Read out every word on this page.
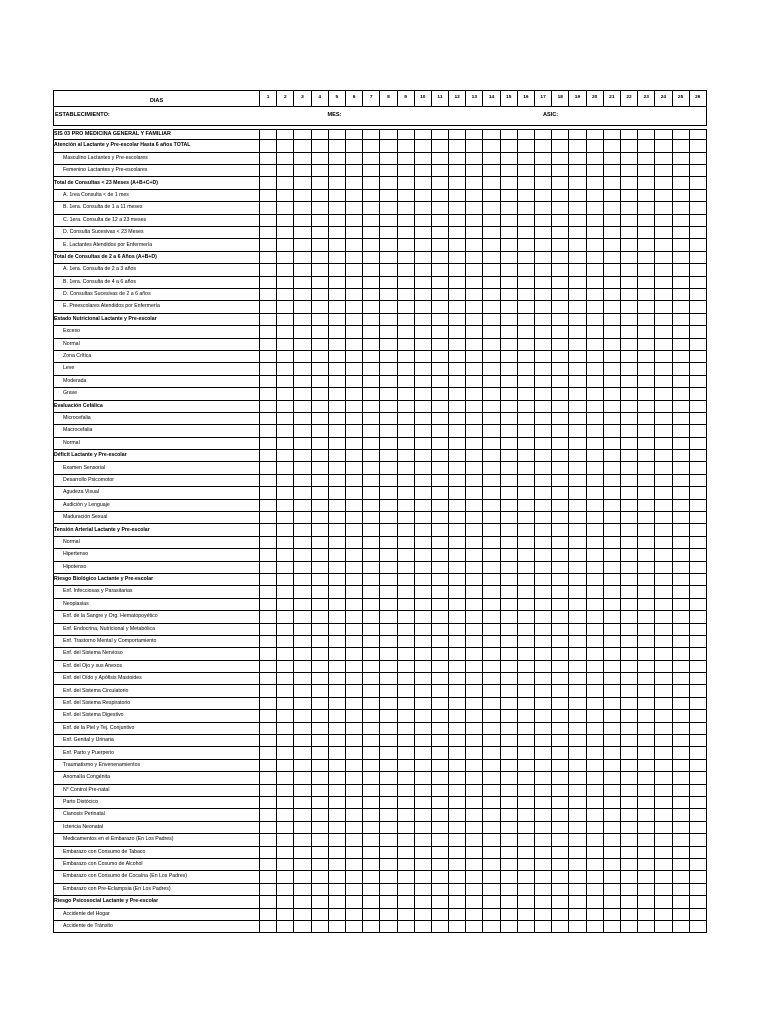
DIAS	1	2	3	4	5	6	7	8	9	10	11	12	13	14	15	16	17	18	19	20	21	22	23	24	25	26
ESTABLECIMIENTO:	MES:													ASIC:												

SIS 03 PRO MEDICINA GENERAL Y FAMILIAR																										
Atención al Lactante y Pre-escolar Hasta 6 años TOTAL																										
Masculino Lactantes y Pre-escolares																										
Femenino Lactantes y Pre-escolares																										
Total de Consultas < 23 Meses (A+B+C+D)																										
A. 1rea Consulta < de 1 mes																										
B. 1era. Consulta de 1 a 11 meses																										
C. 1era. Consulta de 12 a 23 meses																										
D. Consulta Sucesivas < 23 Meses																										
E. Lactantes Atendidos por Enfermería																										
Total de Consultas de 2 a 6 Años (A+B+D)																										
A. 1era. Consulta de 2 a 3 años																										
B. 1era. Consulta de 4 a 6 años																										
D. Consultas Sucesivas de 2 a 6 años																										
E. Preescolares Atendidos por Enfermería																										
Estado Nutricional Lactante y Pre-escolar																										
Exceso																										
Normal																										
Zona Crítica																										
Leve																										
Moderada																										
Grave																										
Evaluación Cefálica																										
Microcefalia																										
Macrocefalia																										
Normal																										
Déficit Lactante y Pre-escolar																										
Examen Sensorial																										
Desarrollo Psicomotor																										
Agudeza Visual																										
Audición y Lenguaje																										
Maduración Sexual																										
Tensión Arterial Lactante y Pre-escolar																										
Normal																										
Hipertenso																										
Hipotenso																										
Riesgo Biológico Lactante y Pre-escolar																										
Enf. Infecciosas y Parasitarias																										
Neoplasias																										
Enf. de la Sangre y Org. Hematopoyético																										
Enf. Endocrina, Nutricional y Metabólica																										
Enf. Trastorno Mental y Comportamiento																										
Enf. del Sistema Nervioso																										
Enf. del Ojo y sus Anexos																										
Enf. del Oído y Apófisis Mastoides																										
Enf. del Sistema Circulatorio																										
Enf. del Sistema Respiratorio																										
Enf. del Sistema Digestivo																										
Enf. de la Piel y Tej. Conjuntivo																										
Enf. Genital y Urinaria																										
Enf. Parto y Puerperio																										
Traumatismo y Envenenamientos																										
Anomalía Congénita																										
N° Control Pre-natal																										
Parto Distócico																										
Cianosis Perinatal																										
Ictericia Neonatal																										
Medicamentos en el Embarazo (En Los Padres)																										
Embarazo con Consumo de Tabaco																										
Embarazo con Cosumo de Alcohol																										
Embarazo con Consumo de Cocaína (En Los Padres)																										
Embarazo con Pre-Eclampsia (En Los Padres)																										
Riesgo Psicosocial Lactante y Pre-escolar																										
Accidente del Hogar																										
Accidente de Tránsito																										
